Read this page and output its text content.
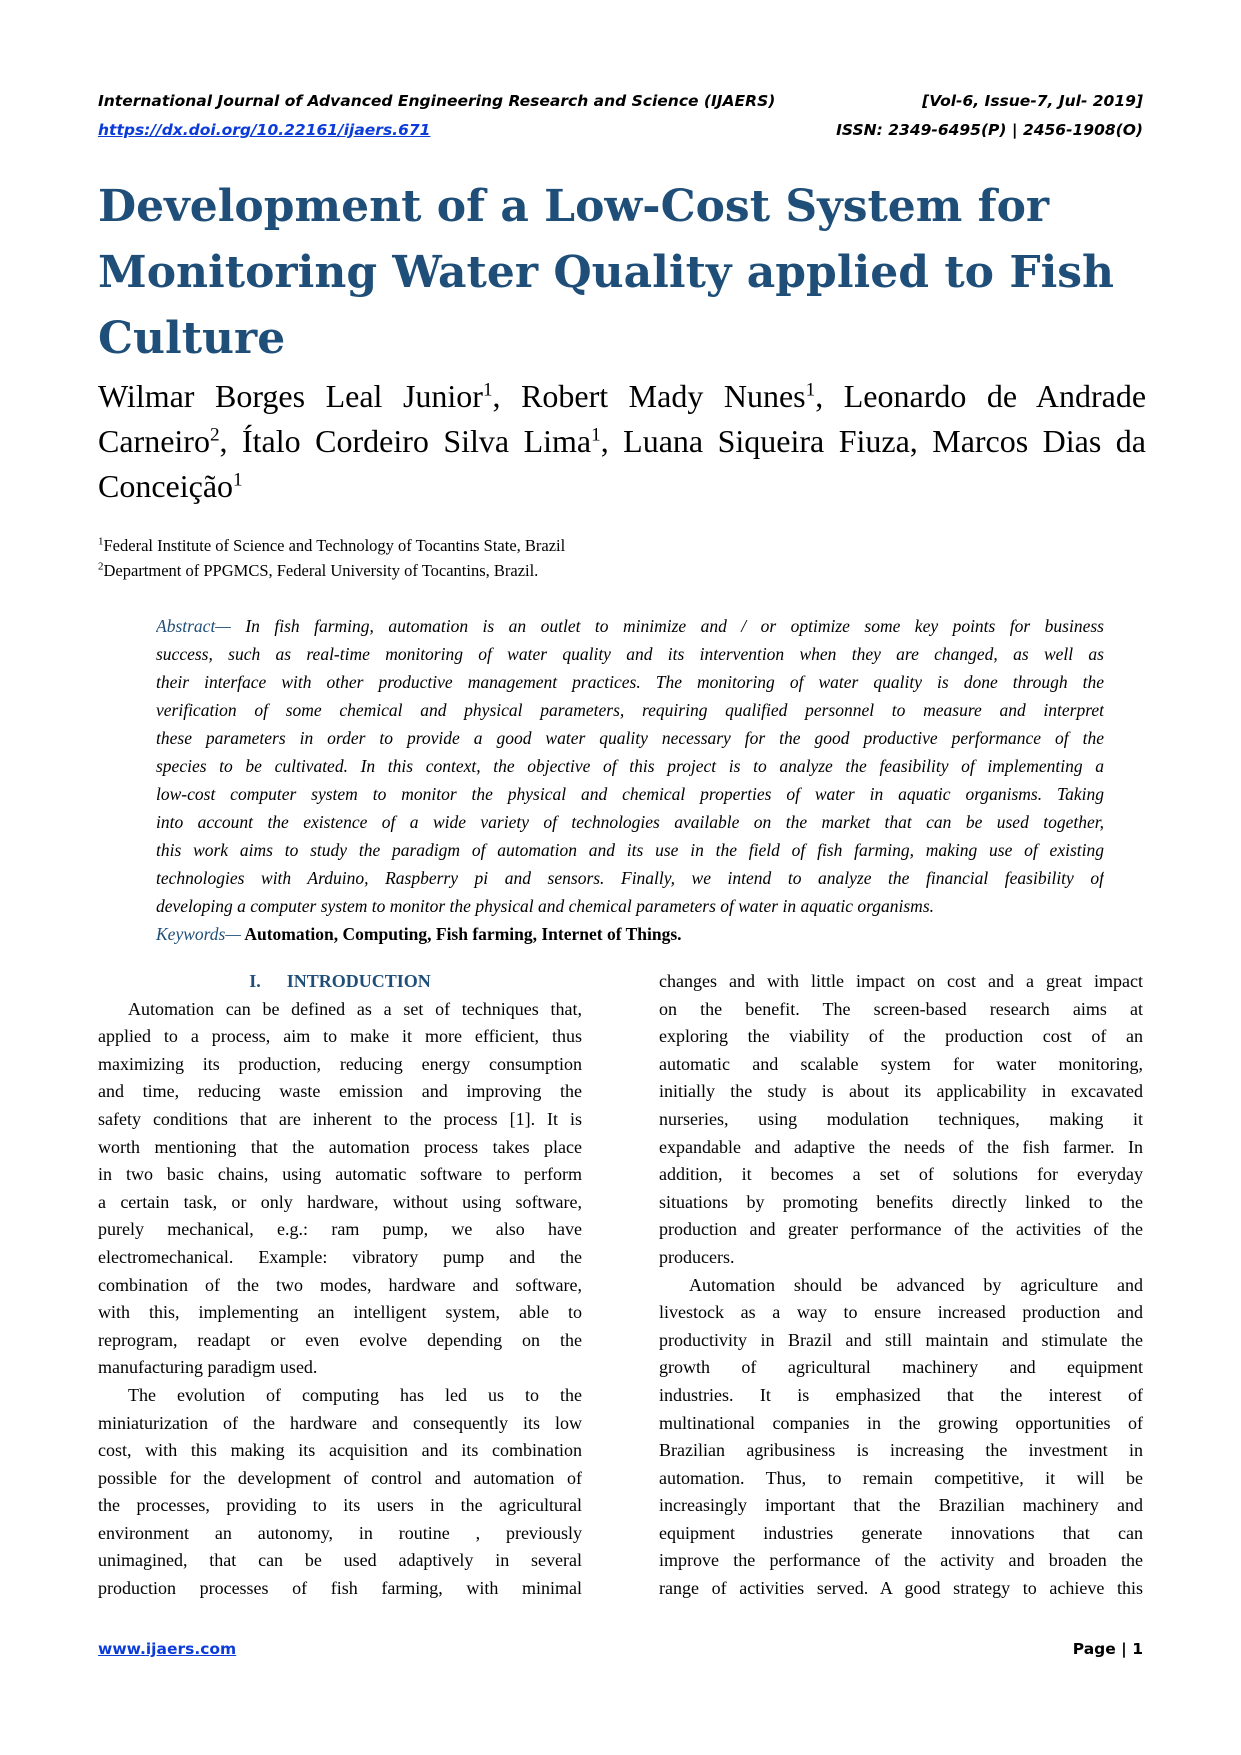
International Journal of Advanced Engineering Research and Science (IJAERS)	[Vol-6, Issue-7, Jul- 2019]
https://dx.doi.org/10.22161/ijaers.671	ISSN: 2349-6495(P) | 2456-1908(O)
Development of a Low-Cost System for
Monitoring Water Quality applied to Fish
Culture
Wilmar Borges Leal Junior$^1$, Robert Mady Nunes$^1$, Leonardo de Andrade
Carneiro$^2$, Ítalo Cordeiro Silva Lima$^1$, Luana Siqueira Fiuza, Marcos Dias da
Conceição$^1$
$^1$Federal Institute of Science and Technology of Tocantins State, Brazil
$^2$Department of PPGMCS, Federal University of Tocantins, Brazil.
Abstract— In fish farming, automation is an outlet to minimize and / or optimize some key points for business
success, such as real-time monitoring of water quality and its intervention when they are changed, as well as
their interface with other productive management practices. The monitoring of water quality is done through the
verification of some chemical and physical parameters, requiring qualified personnel to measure and interpret
these parameters in order to provide a good water quality necessary for the good productive performance of the
species to be cultivated. In this context, the objective of this project is to analyze the feasibility of implementing a
low-cost computer system to monitor the physical and chemical properties of water in aquatic organisms. Taking
into account the existence of a wide variety of technologies available on the market that can be used together,
this work aims to study the paradigm of automation and its use in the field of fish farming, making use of existing
technologies with Arduino, Raspberry pi and sensors. Finally, we intend to analyze the financial feasibility of
developing a computer system to monitor the physical and chemical parameters of water in aquatic organisms.
Keywords— Automation, Computing, Fish farming, Internet of Things.
I. INTRODUCTION
Automation can be defined as a set of techniques that,
applied to a process, aim to make it more efficient, thus
maximizing its production, reducing energy consumption
and time, reducing waste emission and improving the
safety conditions that are inherent to the process [1]. It is
worth mentioning that the automation process takes place
in two basic chains, using automatic software to perform
a certain task, or only hardware, without using software,
purely mechanical, e.g.: ram pump, we also have
electromechanical. Example: vibratory pump and the
combination of the two modes, hardware and software,
with this, implementing an intelligent system, able to
reprogram, readapt or even evolve depending on the
manufacturing paradigm used.
The evolution of computing has led us to the
miniaturization of the hardware and consequently its low
cost, with this making its acquisition and its combination
possible for the development of control and automation of
the processes, providing to its users in the agricultural
environment an autonomy, in routine , previously
unimagined, that can be used adaptively in several
production processes of fish farming, with minimal
changes and with little impact on cost and a great impact
on the benefit. The screen-based research aims at
exploring the viability of the production cost of an
automatic and scalable system for water monitoring,
initially the study is about its applicability in excavated
nurseries, using modulation techniques, making it
expandable and adaptive the needs of the fish farmer. In
addition, it becomes a set of solutions for everyday
situations by promoting benefits directly linked to the
production and greater performance of the activities of the
producers.
Automation should be advanced by agriculture and
livestock as a way to ensure increased production and
productivity in Brazil and still maintain and stimulate the
growth of agricultural machinery and equipment
industries. It is emphasized that the interest of
multinational companies in the growing opportunities of
Brazilian agribusiness is increasing the investment in
automation. Thus, to remain competitive, it will be
increasingly important that the Brazilian machinery and
equipment industries generate innovations that can
improve the performance of the activity and broaden the
range of activities served. A good strategy to achieve this
www.ijaers.com	Page | 1
